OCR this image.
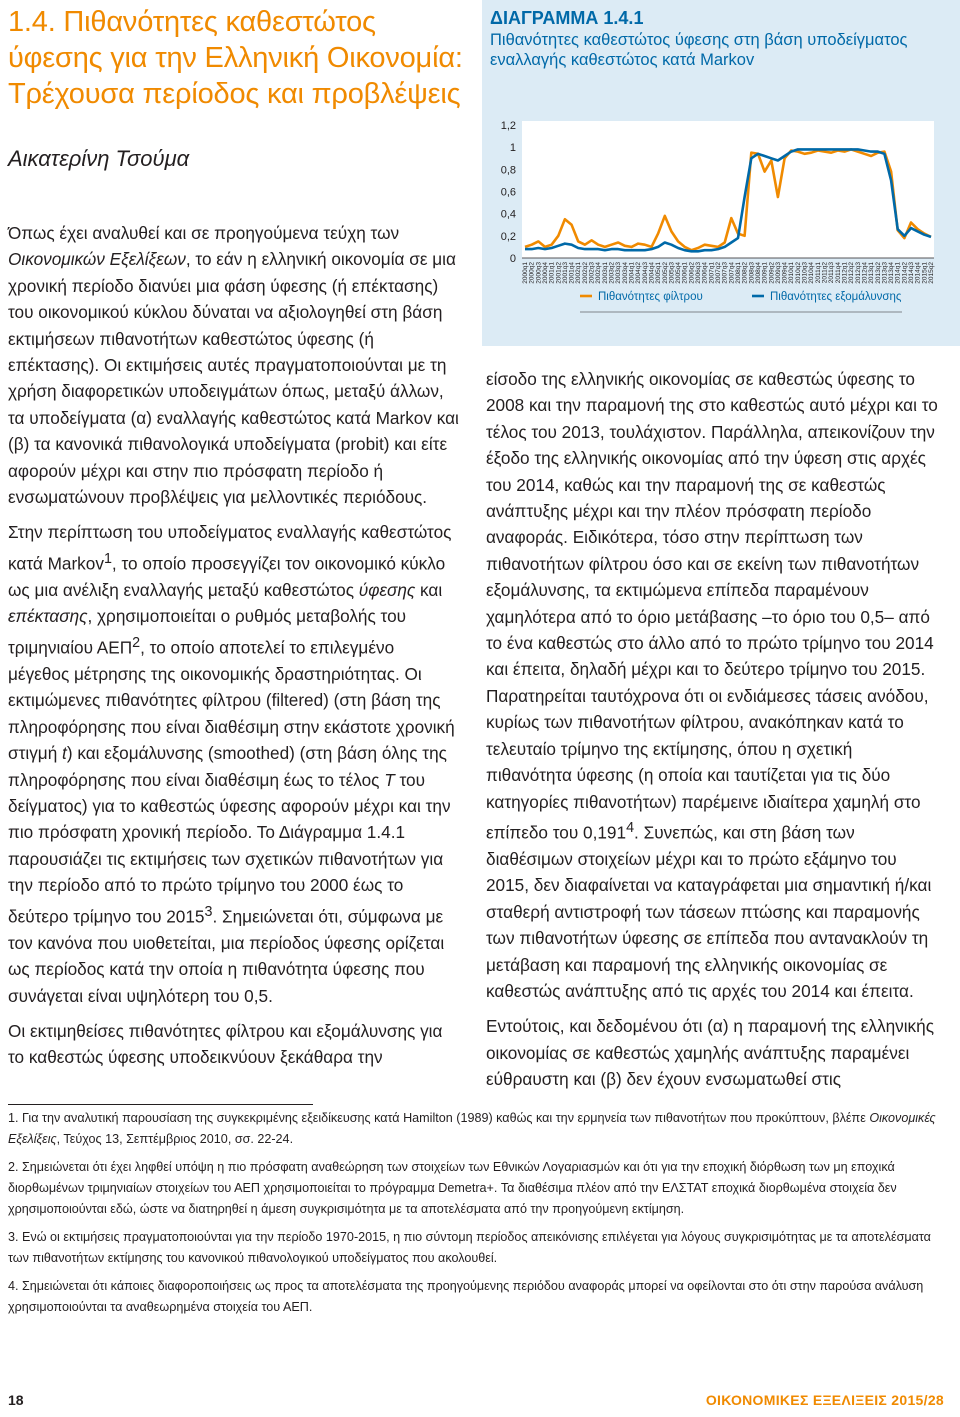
1.4. Πιθανότητες καθεστώτος
ύφεσης για την Ελληνική Οικονομία:
Τρέχουσα περίοδος και προβλέψεις

Αικατερίνη Τσούμα

Όπως έχει αναλυθεί και σε προηγούμενα τεύχη των Οικονομικών Εξελίξεων, το εάν η ελληνική οικονομία σε μια χρονική περίοδο διανύει μια φάση ύφεσης (ή επέκτασης) του οικονομικού κύκλου δύναται να αξιολογηθεί στη βάση εκτιμήσεων πιθανοτήτων καθεστώτος ύφεσης (ή επέκτασης). Οι εκτιμήσεις αυτές πραγματοποιούνται με τη χρήση διαφορετικών υποδειγμάτων όπως, μεταξύ άλλων, τα υποδείγματα (α) εναλλαγής καθεστώτος κατά Markov και (β) τα κανονικά πιθανολογικά υποδείγματα (probit) και είτε αφορούν μέχρι και στην πιο πρόσφατη περίοδο ή ενσωματώνουν προβλέψεις για μελλοντικές περιόδους.

Στην περίπτωση του υποδείγματος εναλλαγής καθεστώτος κατά Markov$^1$, το οποίο προσεγγίζει τον οικονομικό κύκλο ως μια ανέλιξη εναλλαγής μεταξύ καθεστώτος ύφεσης και επέκτασης, χρησιμοποιείται ο ρυθμός μεταβολής του τριμηνιαίου ΑΕΠ$^2$, το οποίο αποτελεί το επιλεγμένο μέγεθος μέτρησης της οικονομικής δραστηριότητας. Οι εκτιμώμενες πιθανότητες φίλτρου (filtered) (στη βάση της πληροφόρησης που είναι διαθέσιμη στην εκάστοτε χρονική στιγμή t) και εξομάλυνσης (smoothed) (στη βάση όλης της πληροφόρησης που είναι διαθέσιμη έως το τέλος T του δείγματος) για το καθεστώς ύφεσης αφορούν μέχρι και την πιο πρόσφατη χρονική περίοδο. Το Διάγραμμα 1.4.1 παρουσιάζει τις εκτιμήσεις των σχετικών πιθανοτήτων για την περίοδο από το πρώτο τρίμηνο του 2000 έως το δεύτερο τρίμηνο του 2015$^3$. Σημειώνεται ότι, σύμφωνα με τον κανόνα που υιοθετείται, μια περίοδος ύφεσης ορίζεται ως περίοδος κατά την οποία η πιθανότητα ύφεσης που συνάγεται είναι υψηλότερη του 0,5.

Οι εκτιμηθείσες πιθανότητες φίλτρου και εξομάλυνσης για το καθεστώς ύφεσης υποδεικνύουν ξεκάθαρα την

ΔΙΑΓΡΑΜΜΑ 1.4.1
Πιθανότητες καθεστώτος ύφεσης στη βάση υποδείγματος εναλλαγής καθεστώτος κατά Markov
0
0,2
0,4
0,6
0,8
1
1,2
2000q1 2000q2 2000q3 2000q4 2001q1 2001q2 2001q3 2001q4 2002q1 2002q2 2002q3 2002q4 2003q1 2003q2 2003q3 2003q4 2004q1 2004q2 2004q3 2004q4 2005q1 2005q2 2005q3 2005q4 2006q1 2006q2 2006q3 2006q4 2007q1 2007q2 2007q3 2007q4 2008q1 2008q2 2008q3 2008q4 2009q1 2009q2 2009q3 2009q4 2010q1 2010q2 2010q3 2010q4 2011q1 2011q2 2011q3 2011q4 2012q1 2012q2 2012q3 2012q4 2013q1 2013q2 2013q3 2013q4 2014q1 2014q2 2014q3 2014q4 2015q1 2015q2
Πιθανότητες φίλτρου	Πιθανότητες εξομάλυνσης

είσοδο της ελληνικής οικονομίας σε καθεστώς ύφεσης το 2008 και την παραμονή της στο καθεστώς αυτό μέχρι και το τέλος του 2013, τουλάχιστον. Παράλληλα, απεικονίζουν την έξοδο της ελληνικής οικονομίας από την ύφεση στις αρχές του 2014, καθώς και την παραμονή της σε καθεστώς ανάπτυξης μέχρι και την πλέον πρόσφατη περίοδο αναφοράς. Ειδικότερα, τόσο στην περίπτωση των πιθανοτήτων φίλτρου όσο και σε εκείνη των πιθανοτήτων εξομάλυνσης, τα εκτιμώμενα επίπεδα παραμένουν χαμηλότερα από το όριο μετάβασης –το όριο του 0,5– από το ένα καθεστώς στο άλλο από το πρώτο τρίμηνο του 2014 και έπειτα, δηλαδή μέχρι και το δεύτερο τρίμηνο του 2015. Παρατηρείται ταυτόχρονα ότι οι ενδιάμεσες τάσεις ανόδου, κυρίως των πιθανοτήτων φίλτρου, ανακόπηκαν κατά το τελευταίο τρίμηνο της εκτίμησης, όπου η σχετική πιθανότητα ύφεσης (η οποία και ταυτίζεται για τις δύο κατηγορίες πιθανοτήτων) παρέμεινε ιδιαίτερα χαμηλή στο επίπεδο του 0,191$^4$. Συνεπώς, και στη βάση των διαθέσιμων στοιχείων μέχρι και το πρώτο εξάμηνο του 2015, δεν διαφαίνεται να καταγράφεται μια σημαντική ή/και σταθερή αντιστροφή των τάσεων πτώσης και παραμονής των πιθανοτήτων ύφεσης σε επίπεδα που αντανακλούν τη μετάβαση και παραμονή της ελληνικής οικονομίας σε καθεστώς ανάπτυξης από τις αρχές του 2014 και έπειτα.

Εντούτοις, και δεδομένου ότι (α) η παραμονή της ελληνικής οικονομίας σε καθεστώς χαμηλής ανάπτυξης παραμένει εύθραυστη και (β) δεν έχουν ενσωματωθεί στις

1. Για την αναλυτική παρουσίαση της συγκεκριμένης εξειδίκευσης κατά Hamilton (1989) καθώς και την ερμηνεία των πιθανοτήτων που προκύπτουν, βλέπε Οικονομικές Εξελίξεις, Τεύχος 13, Σεπτέμβριος 2010, σσ. 22-24.

2. Σημειώνεται ότι έχει ληφθεί υπόψη η πιο πρόσφατη αναθεώρηση των στοιχείων των Εθνικών Λογαριασμών και ότι για την εποχική διόρθωση των μη εποχικά διορθωμένων τριμηνιαίων στοιχείων του ΑΕΠ χρησιμοποιείται το πρόγραμμα Demetra+. Τα διαθέσιμα πλέον από την ΕΛΣΤΑΤ εποχικά διορθωμένα στοιχεία δεν χρησιμοποιούνται εδώ, ώστε να διατηρηθεί η άμεση συγκρισιμότητα με τα αποτελέσματα από την προηγούμενη εκτίμηση.

3. Ενώ οι εκτιμήσεις πραγματοποιούνται για την περίοδο 1970-2015, η πιο σύντομη περίοδος απεικόνισης επιλέγεται για λόγους συγκρισιμότητας με τα αποτελέσματα των πιθανοτήτων εκτίμησης του κανονικού πιθανολογικού υποδείγματος που ακολουθεί.

4. Σημειώνεται ότι κάποιες διαφοροποιήσεις ως προς τα αποτελέσματα της προηγούμενης περιόδου αναφοράς μπορεί να οφείλονται στο ότι στην παρούσα ανάλυση χρησιμοποιούνται τα αναθεωρημένα στοιχεία του ΑΕΠ.

18	ΟΙΚΟΝΟΜΙΚΕΣ ΕΞΕΛΙΞΕΙΣ 2015/28
